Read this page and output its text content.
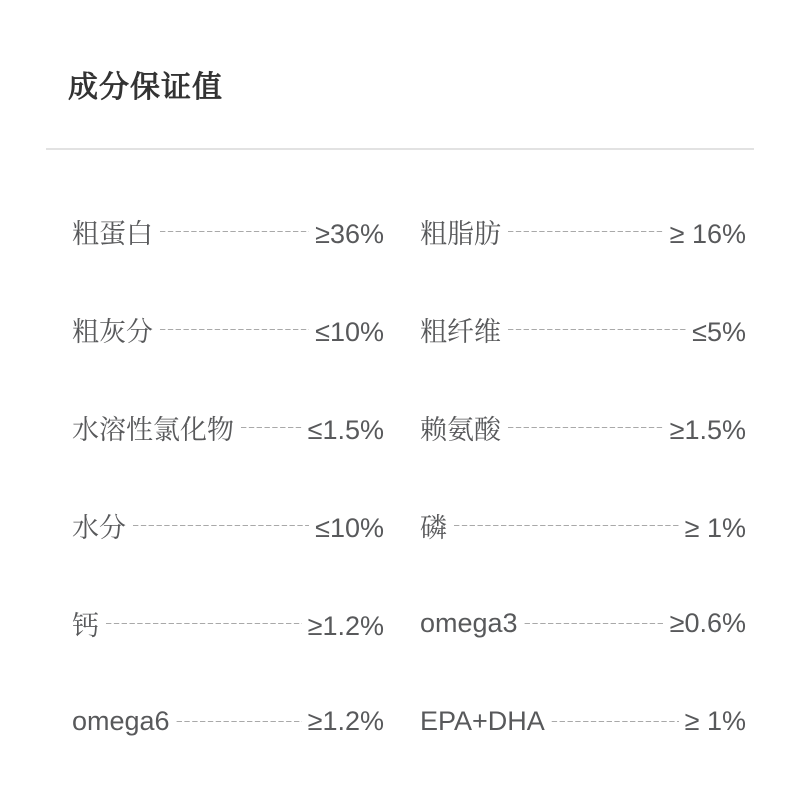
成分保证值
粗蛋白 -----	≥36% 粗脂肪 -----	≥ 16%
粗灰分 -----	≤10% 粗纤维 -----	≤5%
水溶性氯化物 -----	≤1.5% 赖氨酸 -----	≥1.5%
水分 -----	≤10% 磷 -----	≥ 1%
钙 -----	≥1.2% omega3 -----	≥0.6%
omega6 -----	≥1.2% EPA+DHA -----	≥ 1%
